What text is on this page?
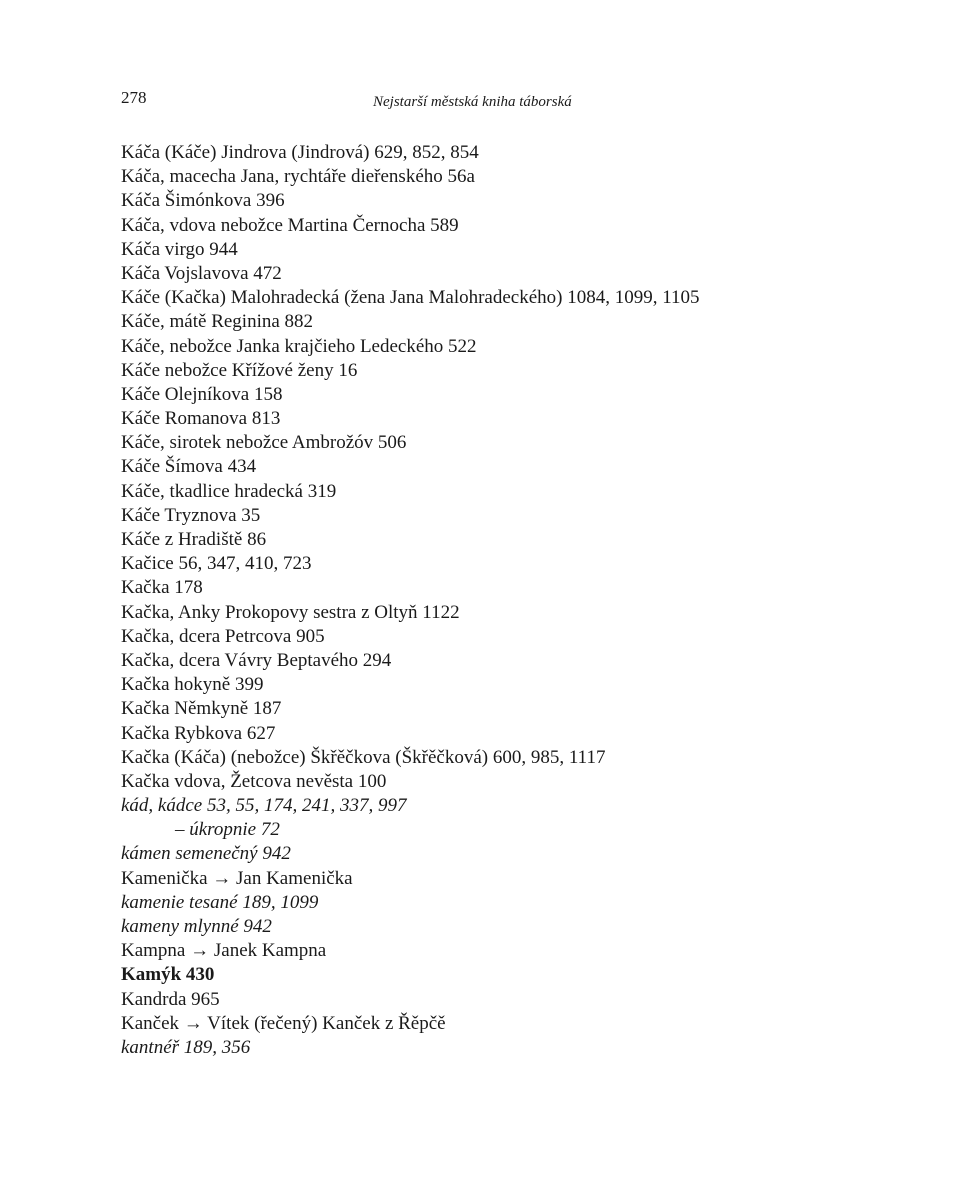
278	Nejstarší městská kniha táborská
Káča (Káče) Jindrova (Jindrová) 629, 852, 854
Káča, macecha Jana, rychtáře dieřenského 56a
Káča Šimónkova 396
Káča, vdova nebožce Martina Černocha 589
Káča virgo 944
Káča Vojslavova 472
Káče (Kačka) Malohradecká (žena Jana Malohradeckého) 1084, 1099, 1105
Káče, mátě Reginina 882
Káče, nebožce Janka krajčieho Ledeckého 522
Káče nebožce Křížové ženy 16
Káče Olejníkova 158
Káče Romanova 813
Káče, sirotek nebožce Ambrožóv 506
Káče Šímova 434
Káče, tkadlice hradecká 319
Káče Tryznova 35
Káče z Hradiště 86
Kačice 56, 347, 410, 723
Kačka 178
Kačka, Anky Prokopovy sestra z Oltyň 1122
Kačka, dcera Petrcova 905
Kačka, dcera Vávry Beptavého 294
Kačka hokyně 399
Kačka Němkyně 187
Kačka Rybkova 627
Kačka (Káča) (nebožce) Škřěčkova (Škřěčková) 600, 985, 1117
Kačka vdova, Žetcova nevěsta 100
kád, kádce 53, 55, 174, 241, 337, 997
– úkropnie 72
kámen semenečný 942
Kamenička → Jan Kamenička
kamenie tesané 189, 1099
kameny mlynné 942
Kampna → Janek Kampna
Kamýk 430
Kandrda 965
Kanček → Vítek (řečený) Kanček z Řěpčě
kantnéř 189, 356
